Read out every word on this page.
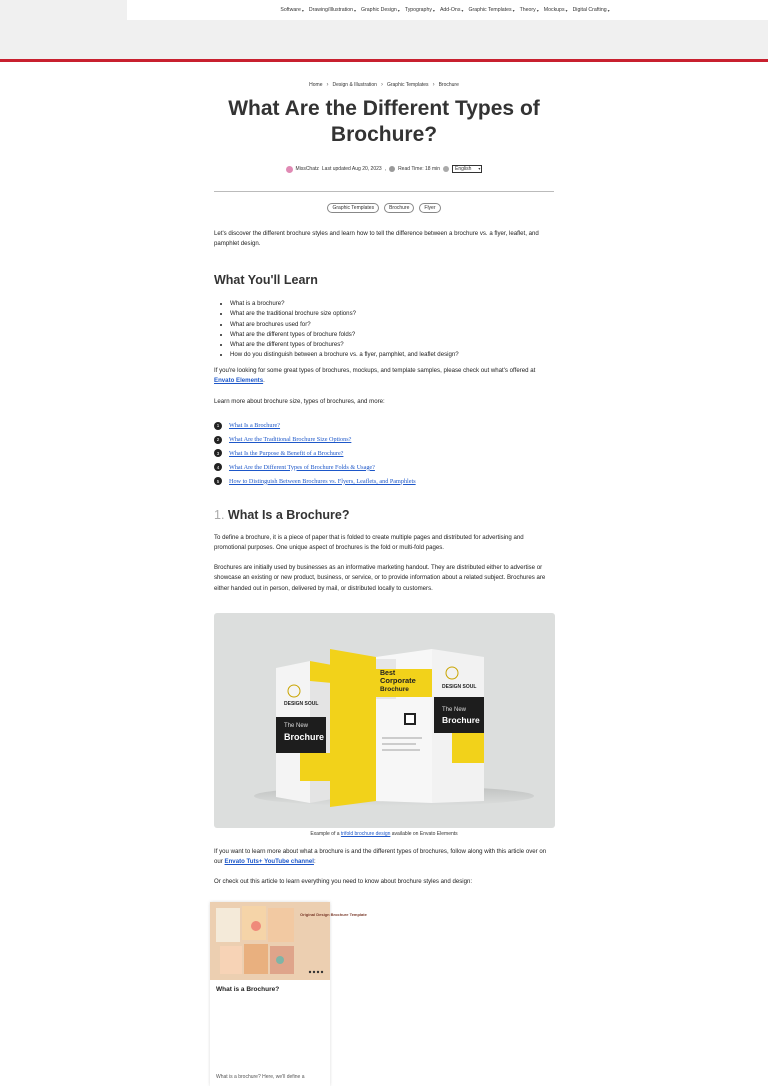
Software ▾ Drawing/Illustration ▾ Graphic Design ▾ Typography ▾ Add-Ons ▾ Graphic Templates ▾ Theory ▾ Mockups ▾ Digital Crafting ▾
Home › Design & Illustration › Graphic Templates › Brochure
What Are the Different Types of Brochure?
MissChatz Last updated Aug 20, 2023 , Read Time: 18 min	English ▾
Graphic Templates	Brochure	Flyer

Let's discover the different brochure styles and learn how to tell the difference between a brochure vs. a flyer, leaflet, and pamphlet design.

What You'll Learn
• What is a brochure?
• What are the traditional brochure size options?
• What are brochures used for?
• What are the different types of brochure folds?
• What are the different types of brochures?
• How do you distinguish between a brochure vs. a flyer, pamphlet, and leaflet design?

If you're looking for some great types of brochures, mockups, and template samples, please check out what's offered at Envato Elements.

Learn more about brochure size, types of brochures, and more:

1	What Is a Brochure?
2	What Are the Traditional Brochure Size Options?
3	What Is the Purpose & Benefit of a Brochure?
4	What Are the Different Types of Brochure Folds & Usage?
5	How to Distinguish Between Brochures vs. Flyers, Leaflets, and Pamphlets
1. What Is a Brochure?

To define a brochure, it is a piece of paper that is folded to create multiple pages and distributed for advertising and promotional purposes. One unique aspect of brochures is the fold or multi-fold pages.

Brochures are initially used by businesses as an informative marketing handout. They are distributed either to advertise or showcase an existing or new product, business, or service, or to provide information about a related subject. Brochures are either handed out in person, delivered by mail, or distributed locally to customers.

DESIGN SOUL
The New
Brochure
Best
Corporate
Brochure	DESIGN SOUL
The New
Brochure

Example of a trifold brochure design available on Envato Elements

If you want to learn more about what a brochure is and the different types of brochures, follow along with this article over on our Envato Tuts+ YouTube channel:

Or check out this article to learn everything you need to know about brochure styles and design:

Original Design Brochure Template
What is a Brochure?
What is a brochure? Here, we'll define a
